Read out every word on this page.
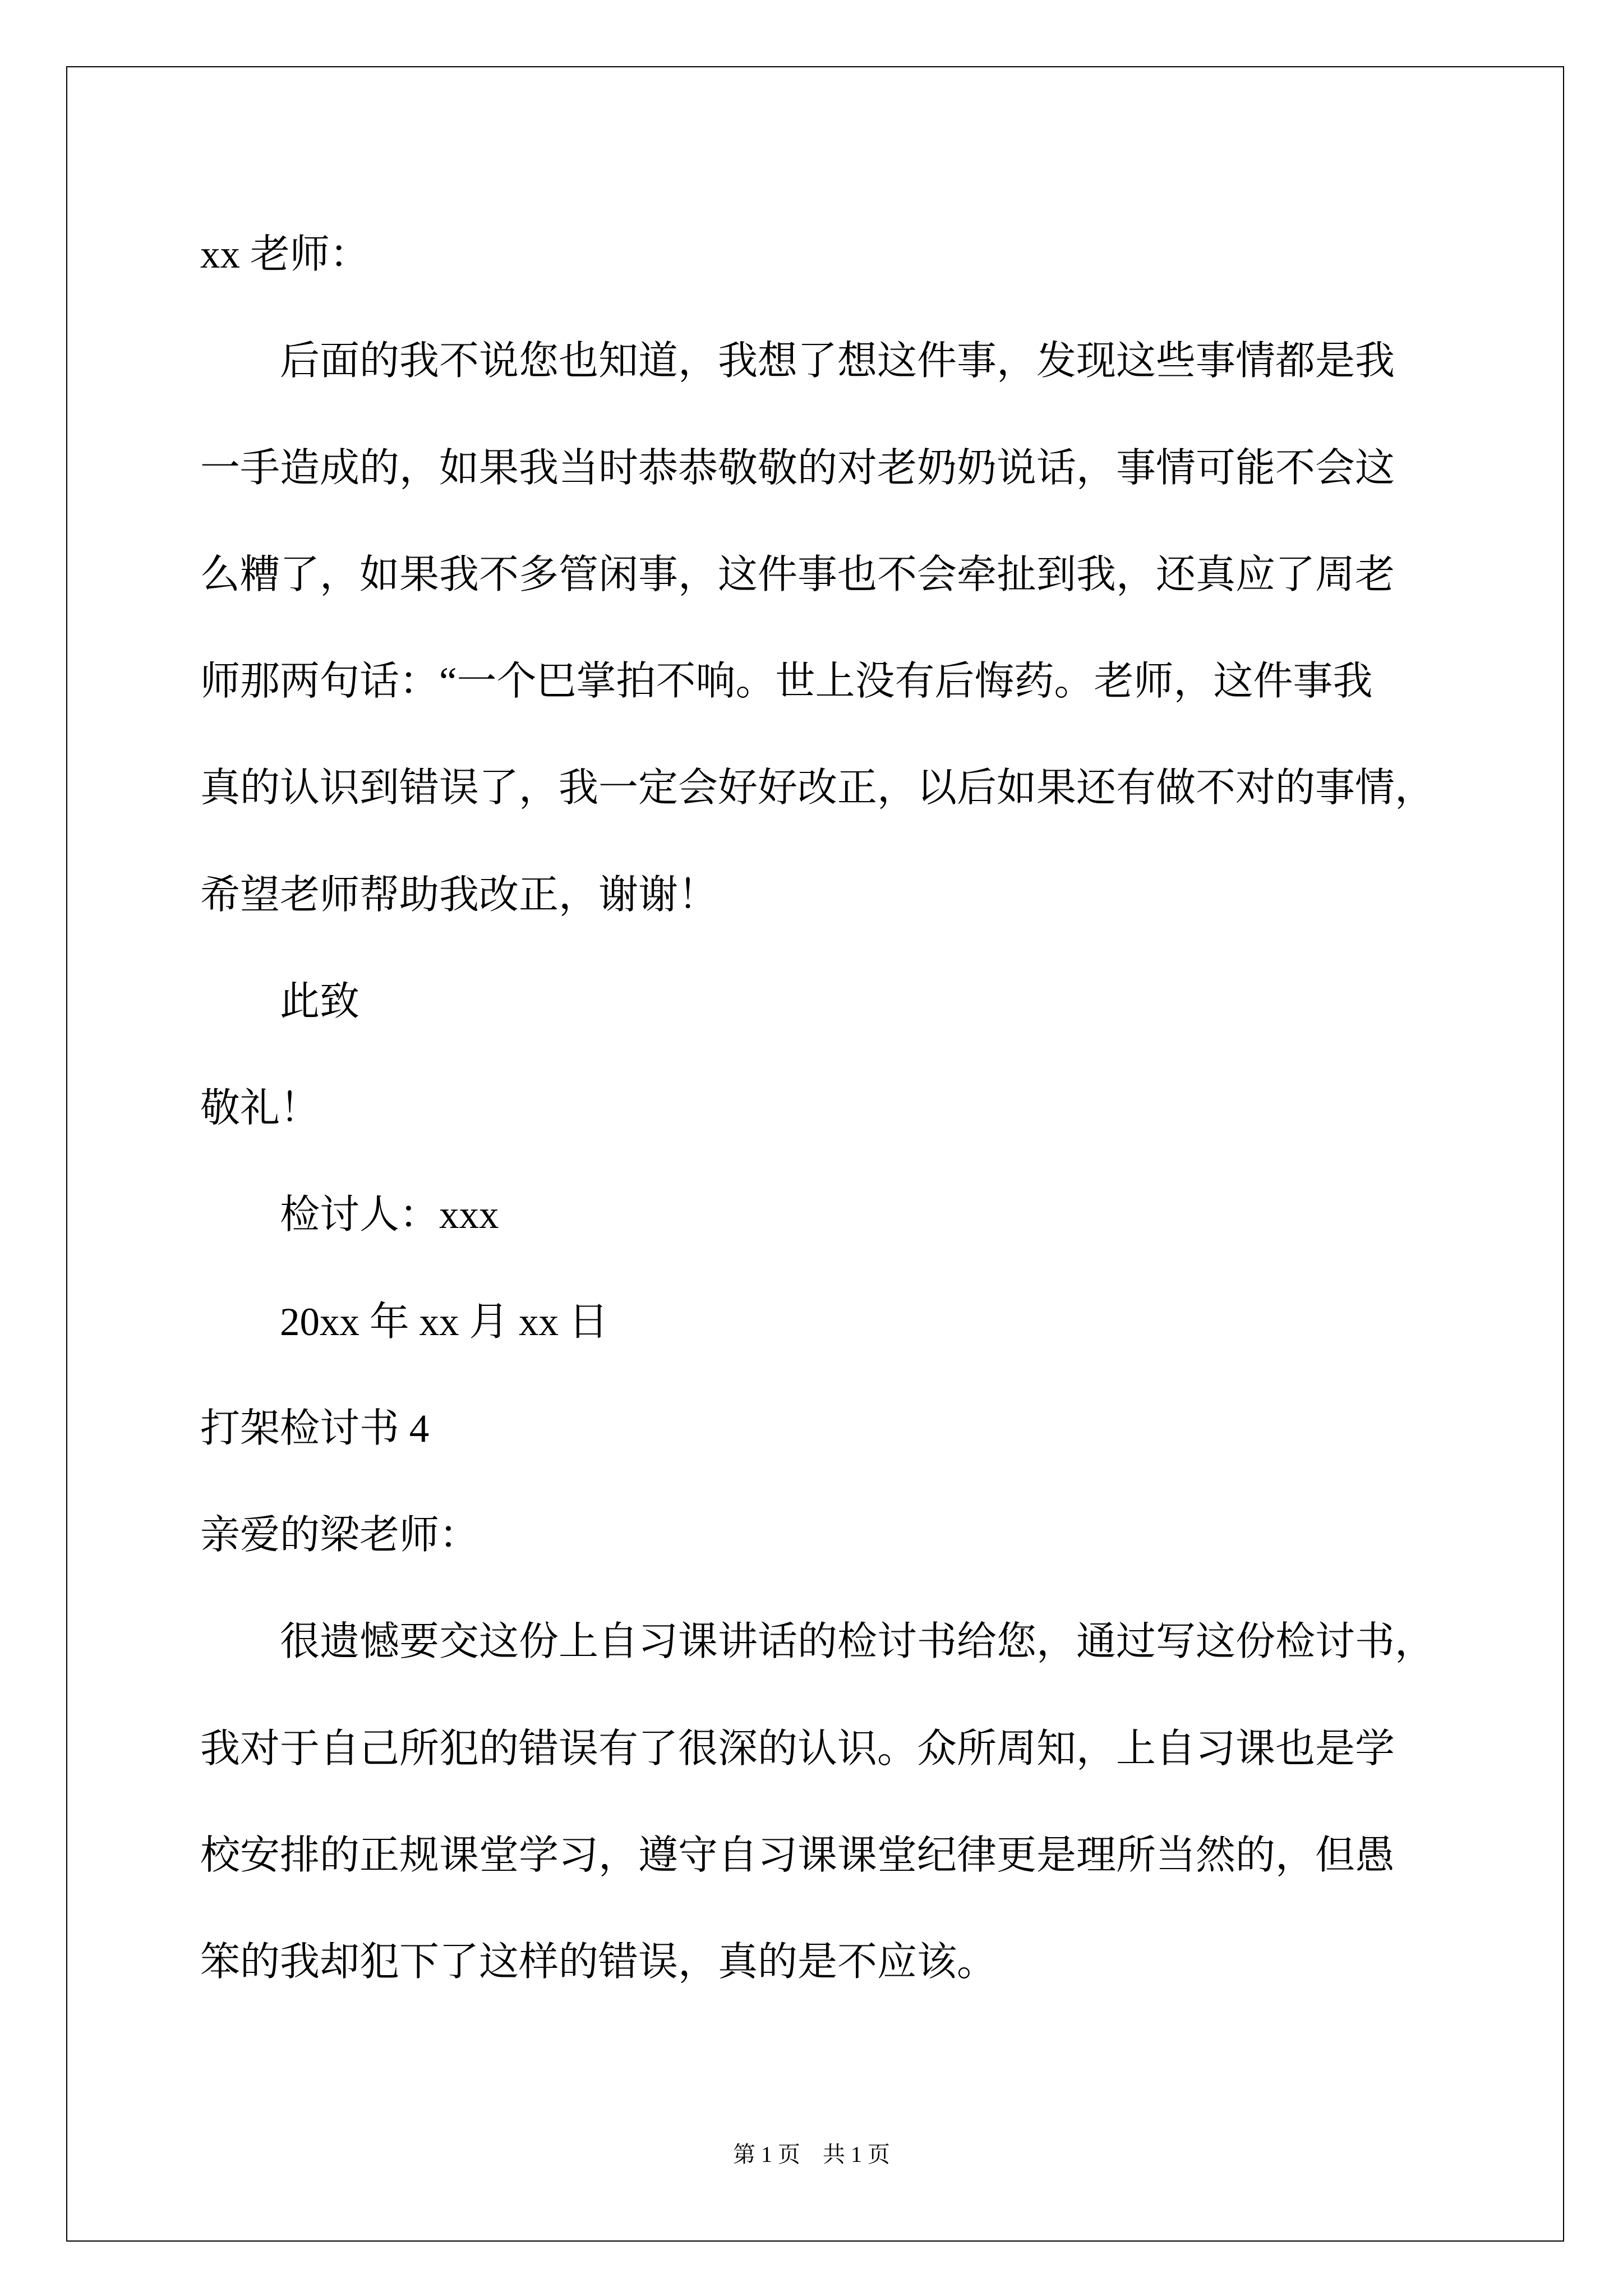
xx 老师：
后面的我不说您也知道，我想了想这件事，发现这些事情都是我
一手造成的，如果我当时恭恭敬敬的对老奶奶说话，事情可能不会这
么糟了，如果我不多管闲事，这件事也不会牵扯到我，还真应了周老
师那两句话：“一个巴掌拍不响。世上没有后悔药。老师，这件事我
真的认识到错误了，我一定会好好改正，以后如果还有做不对的事情，
希望老师帮助我改正，谢谢！
此致
敬礼！
检讨人：xxx
20xx 年 xx 月 xx 日
打架检讨书 4
亲爱的梁老师：
很遗憾要交这份上自习课讲话的检讨书给您，通过写这份检讨书，
我对于自己所犯的错误有了很深的认识。众所周知，上自习课也是学
校安排的正规课堂学习，遵守自习课课堂纪律更是理所当然的，但愚
笨的我却犯下了这样的错误，真的是不应该。
第 1 页　共 1 页
